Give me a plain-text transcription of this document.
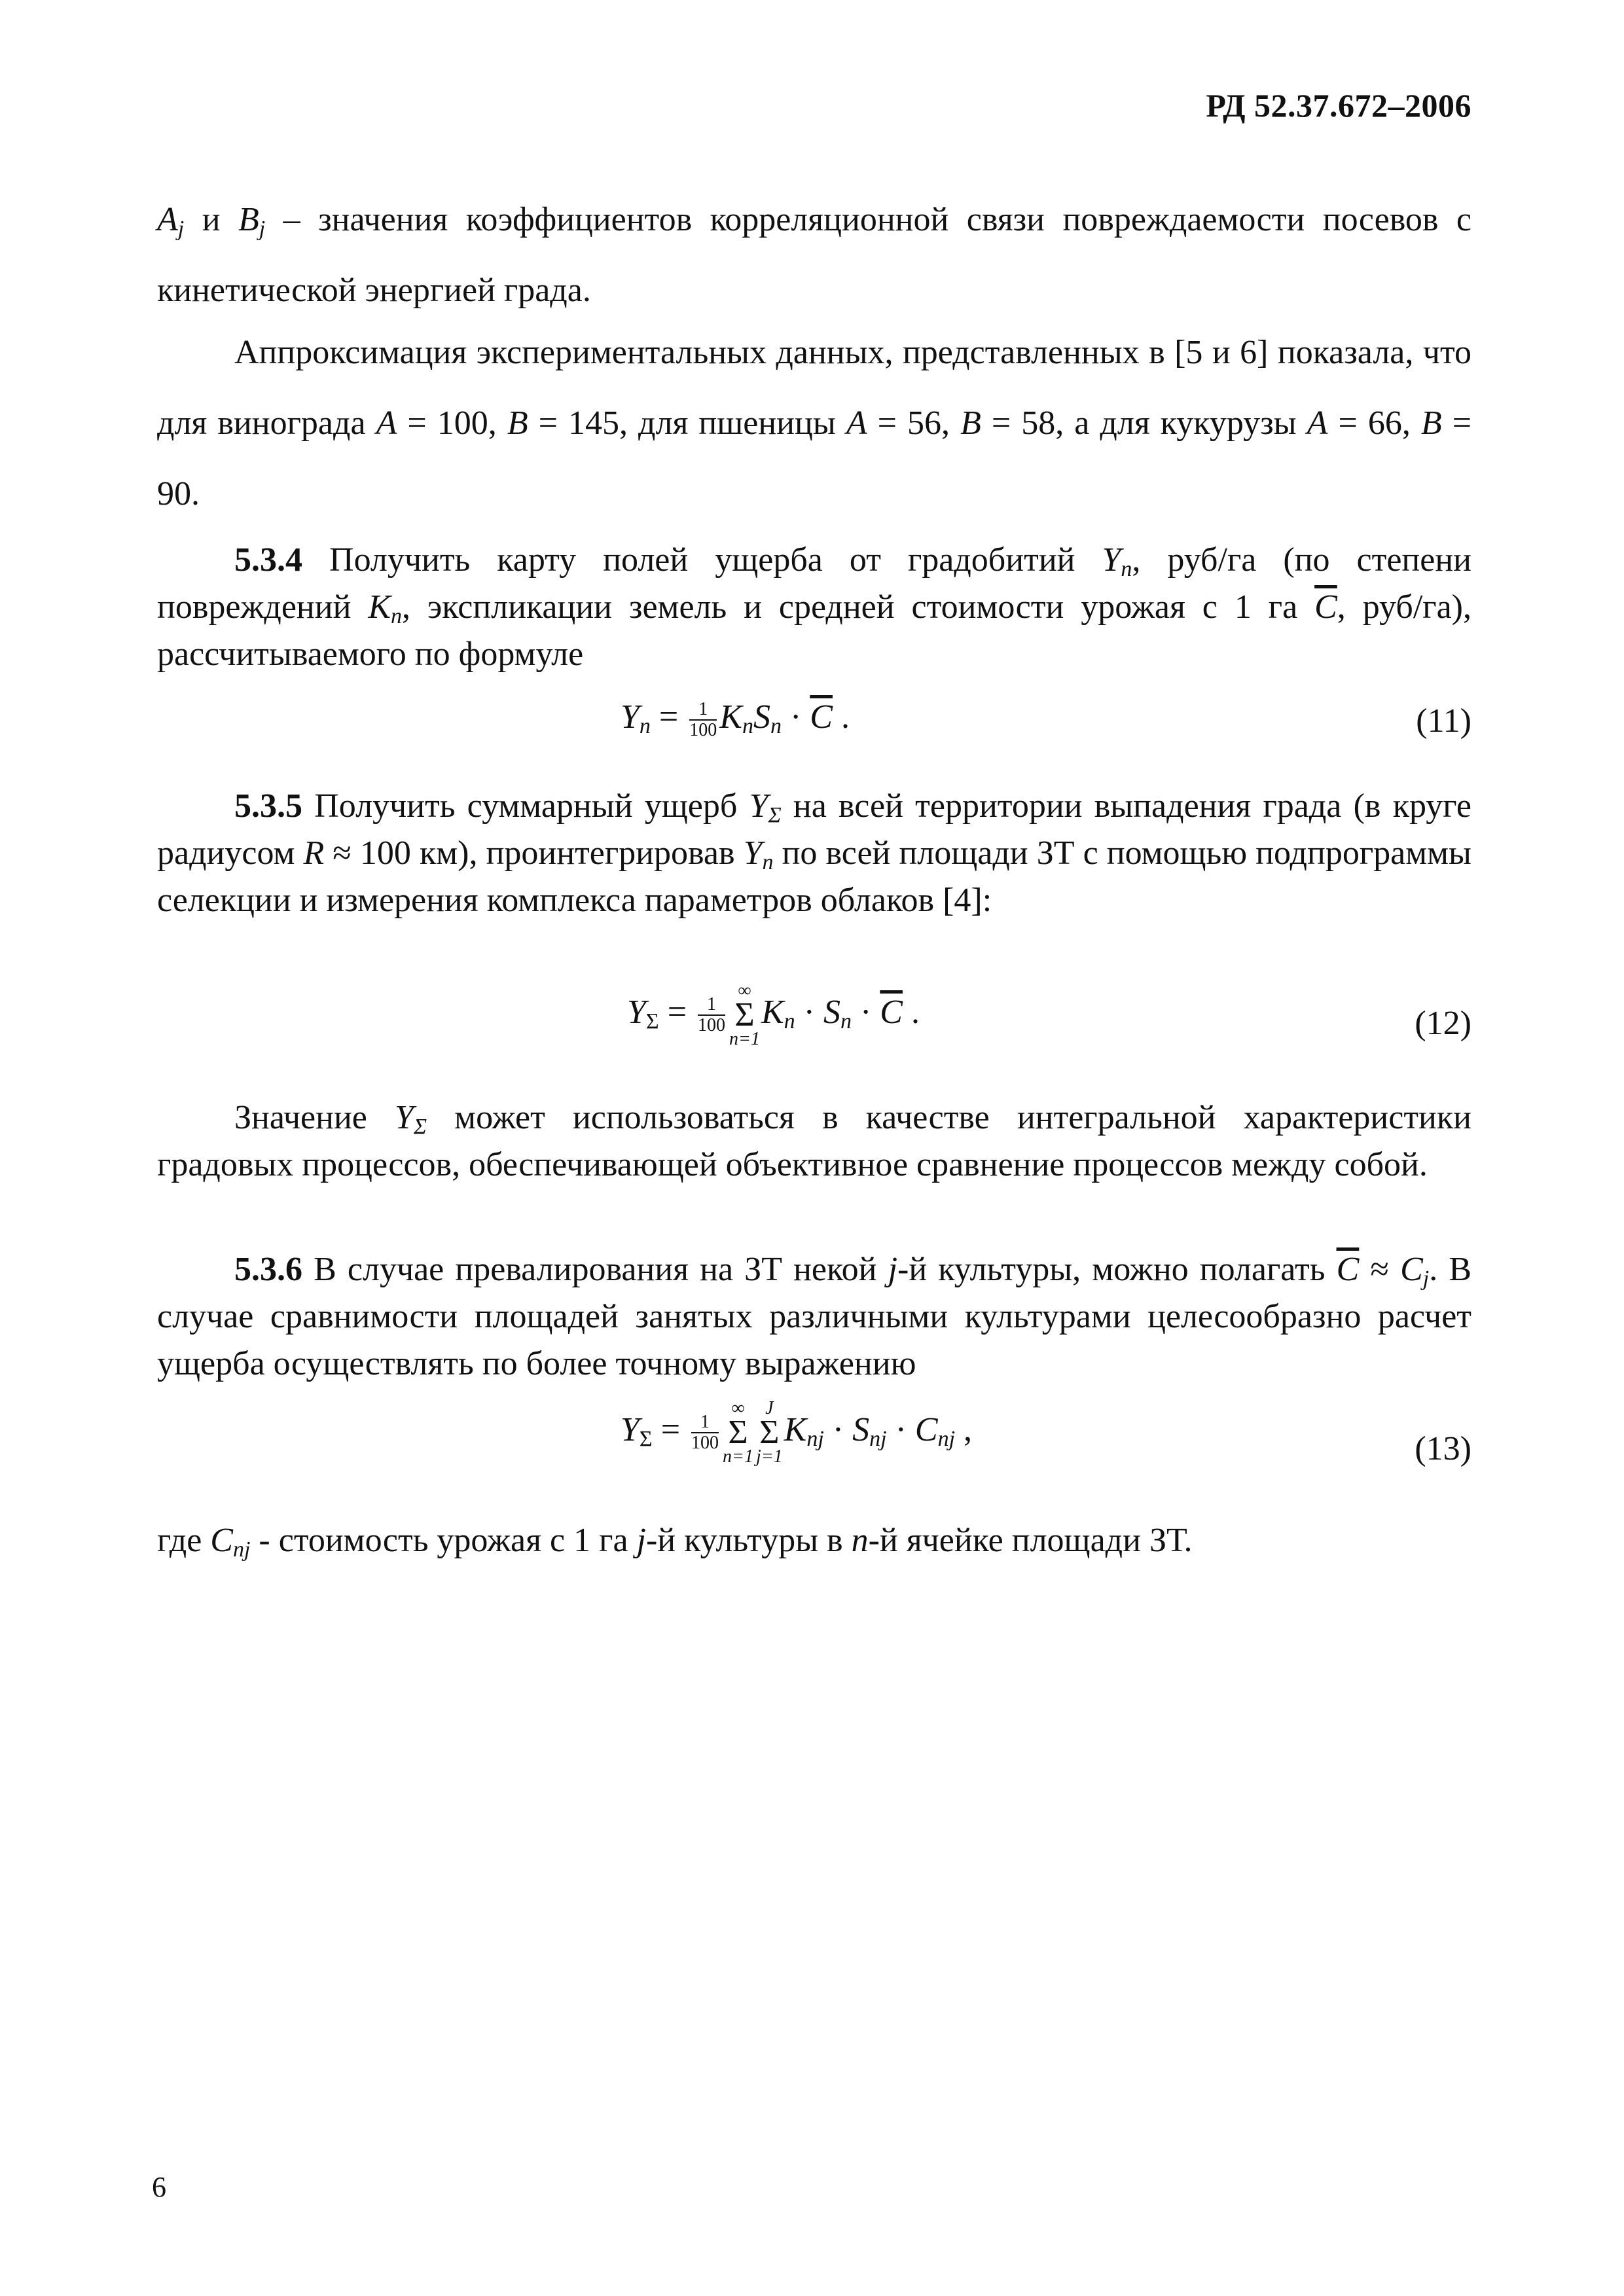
РД 52.37.672–2006

$A_j$ и $B_j$ – значения коэффициентов корреляционной связи повреждаемости посевов с кинетической энергией града.

Аппроксимация экспериментальных данных, представленных в [5 и 6] показала, что для винограда A = 100, B = 145, для пшеницы A = 56, B = 58, а для кукурузы A = 66, B = 90.

5.3.4 Получить карту полей ущерба от градобитий $Y_n$, руб/га (по степени повреждений $K_n$, экспликации земель и средней стоимости урожая с 1 га $\overline{C}$, руб/га), рассчитываемого по формуле

$Y_n = \frac{1}{100} K_nS_n \cdot \overline{C}$ .	(11)

5.3.5 Получить суммарный ущерб $Y_\Sigma$ на всей территории выпадения града (в круге радиусом R ≈ 100 км), проинтегрировав $Y_n$ по всей площади ЗТ с помощью подпрограммы селекции и измерения комплекса параметров облаков [4]:

$Y_\Sigma = \frac{1}{100}$
∞
Σ
n=1
$K_n \cdot S_n \cdot \overline{C}$ .	(12)

Значение $Y_\Sigma$ может использоваться в качестве интегральной характеристики градовых процессов, обеспечивающей объективное сравнение процессов между собой.

5.3.6 В случае превалирования на ЗТ некой j-й культуры, можно полагать $\overline{C} \approx C_j$. В случае сравнимости площадей занятых различными культурами целесообразно расчет ущерба осуществлять по более точному выражению

$Y_\Sigma = \frac{1}{100}$
∞
Σ
n=1
J
Σ
j=1
$K_{nj} \cdot S_{nj} \cdot C_{nj}$ ,
(13)

где $C_{nj}$ - стоимость урожая с 1 га j-й культуры в n-й ячейке площади ЗТ.

6
